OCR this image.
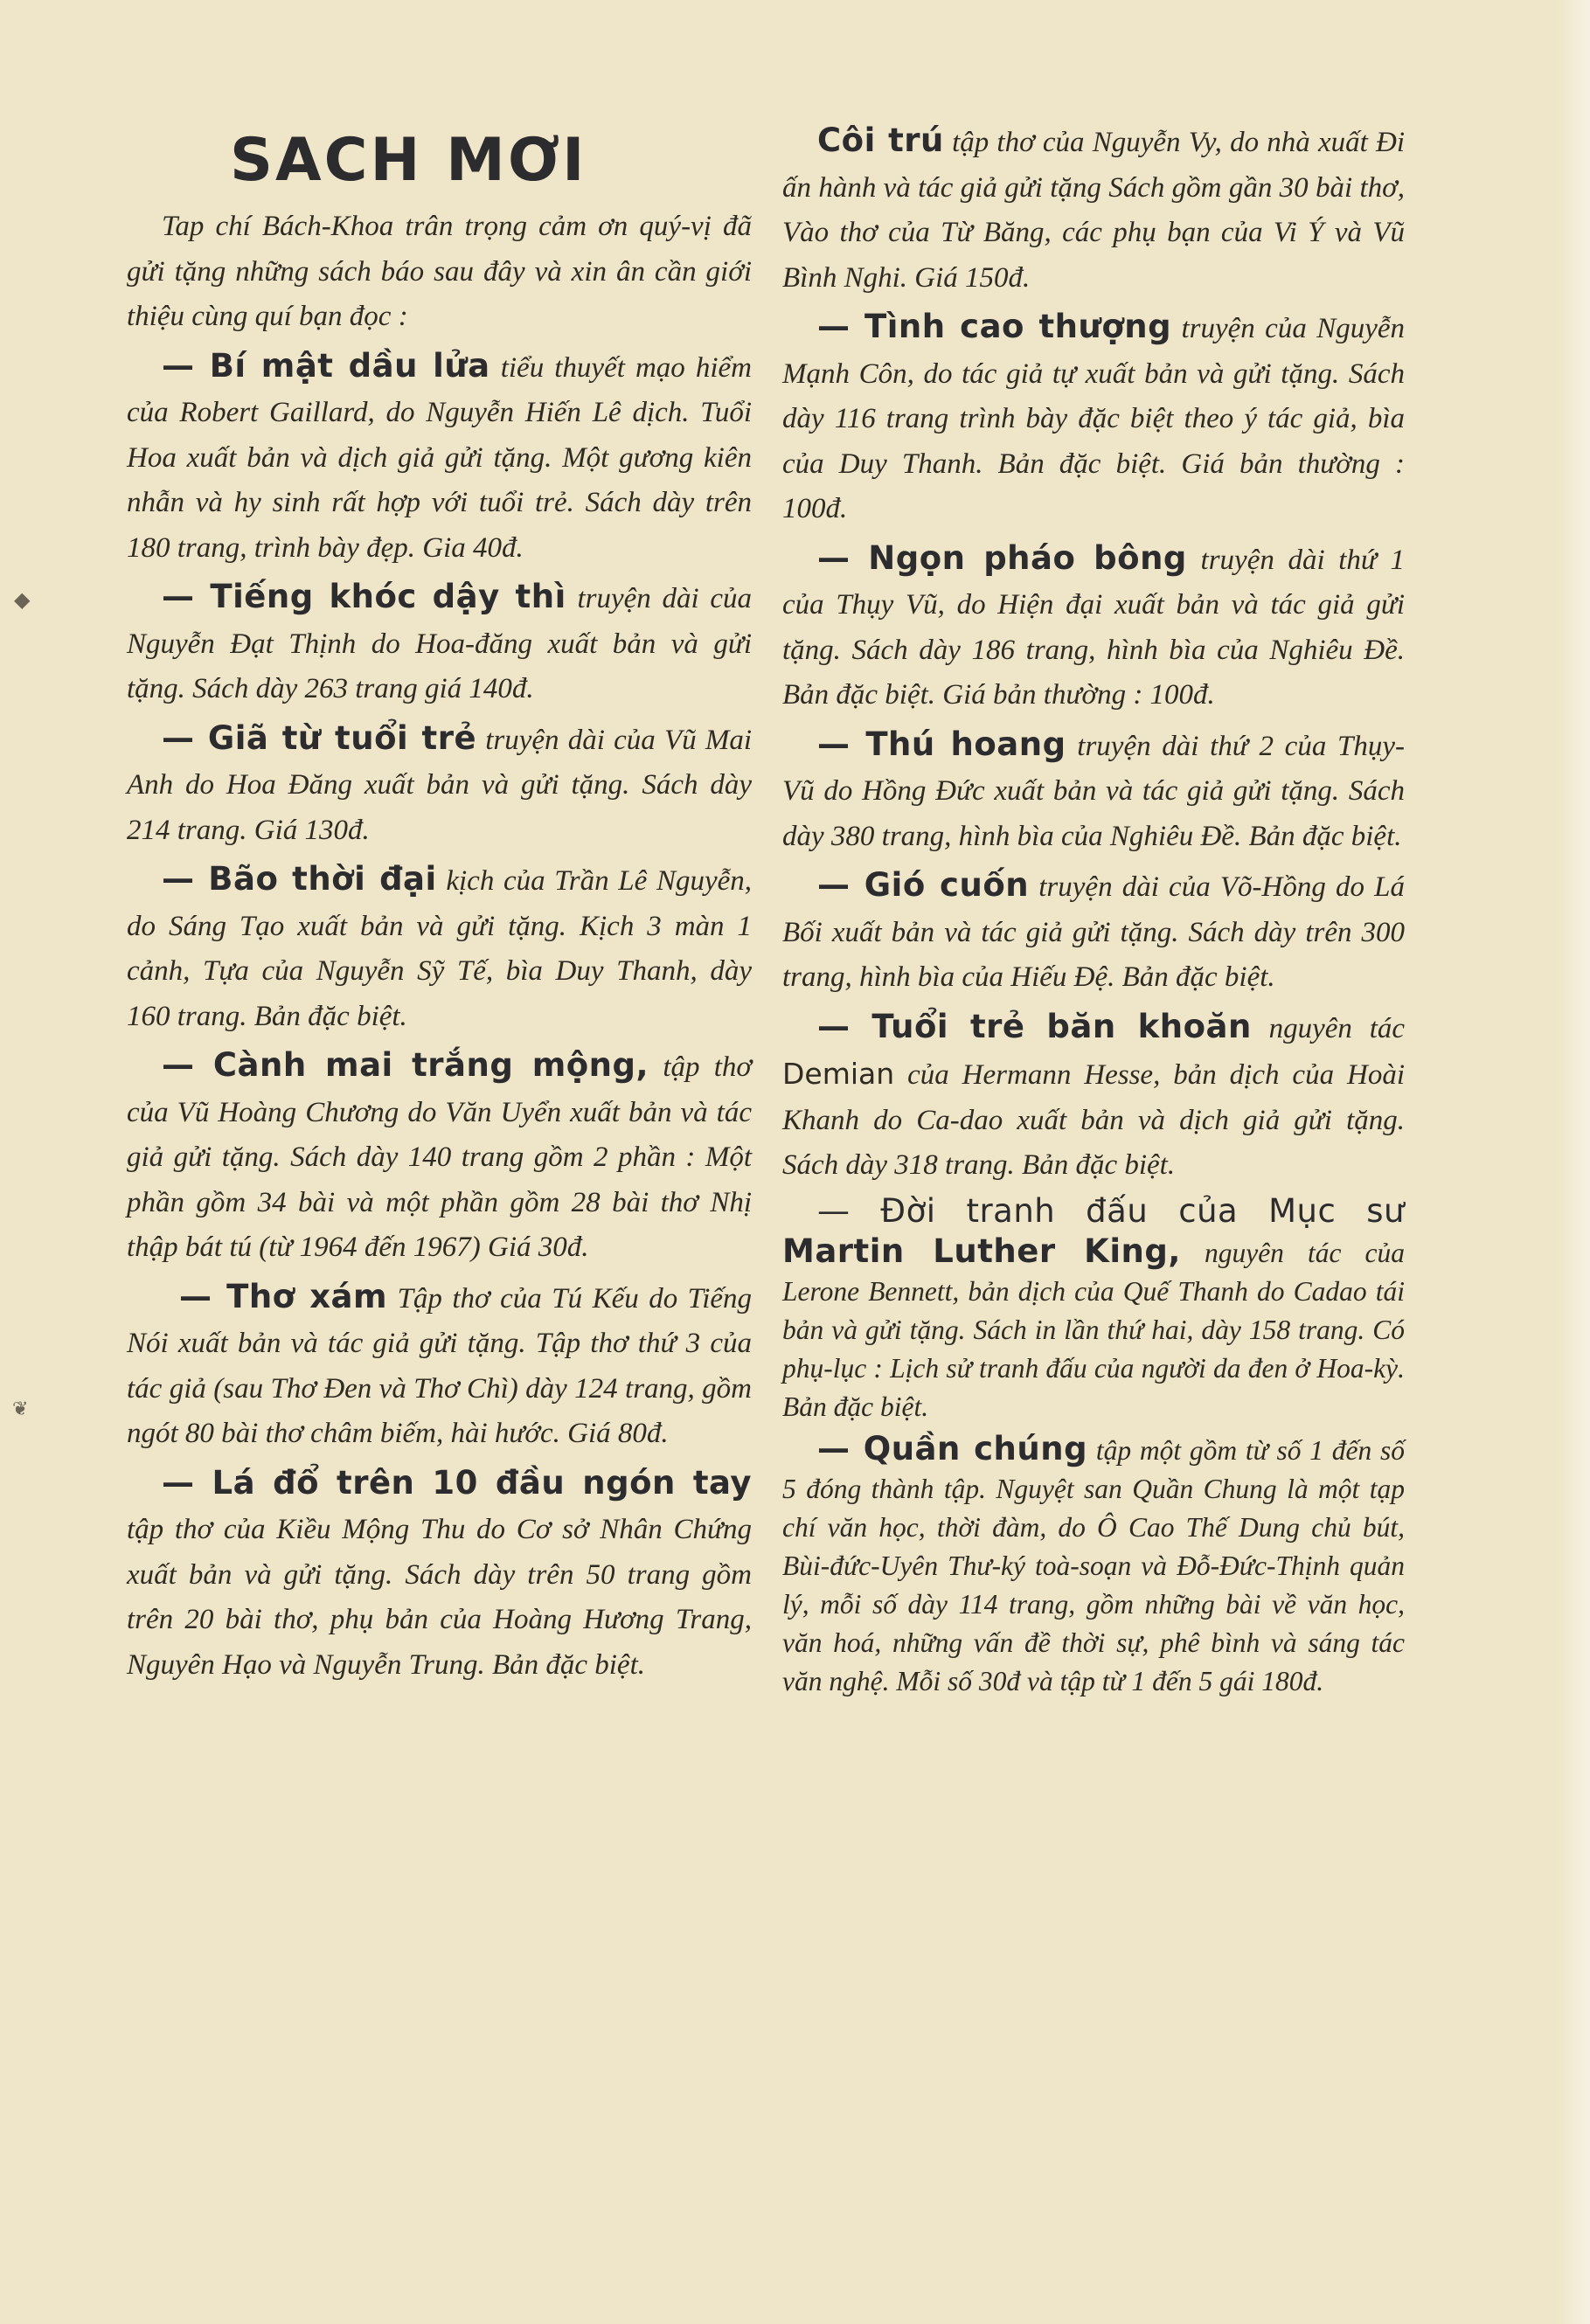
◆
❦
SACH MƠI

Tap chí Bách-Khoa trân trọng cảm ơn quý-vị đã gửi tặng những sách báo sau đây và xin ân cần giới thiệu cùng quí bạn đọc :

— Bí mật dầu lửa tiểu thuyết mạo hiểm của Robert Gaillard, do Nguyễn Hiến Lê dịch. Tuổi Hoa xuất bản và dịch giả gửi tặng. Một gương kiên nhẫn và hy sinh rất hợp với tuổi trẻ. Sách dày trên 180 trang, trình bày đẹp. Gia 40đ.

— Tiếng khóc dậy thì truyện dài của Nguyễn Đạt Thịnh do Hoa-đăng xuất bản và gửi tặng. Sách dày 263 trang giá 140đ.

— Giã từ tuổi trẻ truyện dài của Vũ Mai Anh do Hoa Đăng xuất bản và gửi tặng. Sách dày 214 trang. Giá 130đ.

— Bão thời đại kịch của Trần Lê Nguyễn, do Sáng Tạo xuất bản và gửi tặng. Kịch 3 màn 1 cảnh, Tựa của Nguyễn Sỹ Tế, bìa Duy Thanh, dày 160 trang. Bản đặc biệt.

— Cành mai trắng mộng, tập thơ của Vũ Hoàng Chương do Văn Uyển xuất bản và tác giả gửi tặng. Sách dày 140 trang gồm 2 phần : Một phần gồm 34 bài và một phần gồm 28 bài thơ Nhị thập bát tú (từ 1964 đến 1967) Giá 30đ.

— Thơ xám Tập thơ của Tú Kếu do Tiếng Nói xuất bản và tác giả gửi tặng. Tập thơ thứ 3 của tác giả (sau Thơ Đen và Thơ Chì) dày 124 trang, gồm ngót 80 bài thơ châm biếm, hài hước. Giá 80đ.

— Lá đổ trên 10 đầu ngón tay tập thơ của Kiều Mộng Thu do Cơ sở Nhân Chứng xuất bản và gửi tặng. Sách dày trên 50 trang gồm trên 20 bài thơ, phụ bản của Hoàng Hương Trang, Nguyên Hạo và Nguyễn Trung. Bản đặc biệt.

Côi trú tập thơ của Nguyễn Vy, do nhà xuất Đi ấn hành và tác giả gửi tặng Sách gồm gần 30 bài thơ, Vào thơ của Từ Băng, các phụ bạn của Vi Ý và Vũ Bình Nghi. Giá 150đ.

— Tình cao thượng truyện của Nguyễn Mạnh Côn, do tác giả tự xuất bản và gửi tặng. Sách dày 116 trang trình bày đặc biệt theo ý tác giả, bìa của Duy Thanh. Bản đặc biệt. Giá bản thường : 100đ.

— Ngọn pháo bông truyện dài thứ 1 của Thụy Vũ, do Hiện đại xuất bản và tác giả gửi tặng. Sách dày 186 trang, hình bìa của Nghiêu Đề. Bản đặc biệt. Giá bản thường : 100đ.

— Thú hoang truyện dài thứ 2 của Thụy-Vũ do Hồng Đức xuất bản và tác giả gửi tặng. Sách dày 380 trang, hình bìa của Nghiêu Đề. Bản đặc biệt.

— Gió cuốn truyện dài của Võ-Hồng do Lá Bối xuất bản và tác giả gửi tặng. Sách dày trên 300 trang, hình bìa của Hiếu Đệ. Bản đặc biệt.

— Tuổi trẻ băn khoăn nguyên tác Demian của Hermann Hesse, bản dịch của Hoài Khanh do Ca-dao xuất bản và dịch giả gửi tặng. Sách dày 318 trang. Bản đặc biệt.

— Đời tranh đấu của Mục sư Martin Luther King, nguyên tác của Lerone Bennett, bản dịch của Quế Thanh do Cadao tái bản và gửi tặng. Sách in lần thứ hai, dày 158 trang. Có phụ-lục : Lịch sử tranh đấu của người da đen ở Hoa-kỳ. Bản đặc biệt.

— Quần chúng tập một gồm từ số 1 đến số 5 đóng thành tập. Nguyệt san Quần Chung là một tạp chí văn học, thời đàm, do Ô Cao Thế Dung chủ bút, Bùi-đức-Uyên Thư-ký toà-soạn và Đỗ-Đức-Thịnh quản lý, mỗi số dày 114 trang, gồm những bài về văn học, văn hoá, những vấn đề thời sự, phê bình và sáng tác văn nghệ. Mỗi số 30đ và tập từ 1 đến 5 gái 180đ.
